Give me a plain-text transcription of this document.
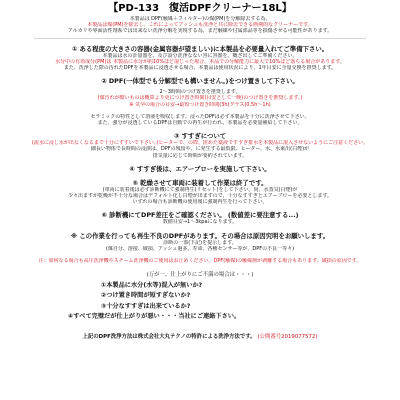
【PD-133　復活DPFクリーナー18L】
本製品は DPF(触媒＋フィルター)の煤(PM)を分解除去する為、
本製品は煤(PM)を除去し、これによってアッシュも洗浄と共に除去できる画期的なクリーナーです。
アルカリや界面活性剤系では出来ない洗浄分解を実現する為、まだ触媒や付属部品等を損傷させる可能性があります。
① ある程度の大きさの容器(金属容器が望ましい)に本製品を必要量入れてご準備下さい。
本製品は水の計量器を、及び設分洗浄なない容に容器を、概ざ出してご準備ください。
水分中の有効成分(PM)は 本製品に水分が約10%ほど混じった場合、本品での分解能力に最大で10%ほど落ちる場合があります。
また、洗浄した際の汚れたDPFを本製品に浸透させる場合、本製品は使用状況により、1年目安に全量交換を推奨します。
② DPF(一体型でも分解型でも構いません。)をつけ置きして下さい。
2～3時間のつけ置きを推奨します。
(煤汚れが酷いものは概算より更につけ置き時間(目安として一晩)のつけ置きを推奨します。)
※ 気孕の場合の目安→最短つけ置き時間(3h)グラス(0.5h～1h)
セラミックの特性として溶液を吸収します。浸ったDPFは必ず本製品を十分に洗浄させて下さい。
また、強分が浸透しているDPFは自動での再生が行われ、本製品を必要量補給して下さい。
③ すすぎについて
(流水に浸し水が出なくなるまで十分にすすいで下さい。)ヒーターで、の際、匿めた薬液ですすぎ排水を本製品に混入させないようにご注意ください。
細長い物体で長時間の浸漬は、DPFの残留や、に発生する最低限、ヒーター、水、水乗出(白煙)が
排気量に応じて時間が要約されています。
④ すすぎ後は、エアーブローを実施して下さい。
⑤ 乾燥させて車両に装着して作業は終了です。
(車両に装着後は必ず診断機にて強制再生(リセット)をして下さい。尚、水蒸気(白煙)が
少々出ますが乾燥が不十分な場合はデフォルト化し白煙が出ますので、十分なすすぎとエアーブローを必要とします。
いずれの場合も診断機の使用後に強制再生を行って下さい。
⑥ 診断機にてDPF差圧をご確認ください。 (数値差に要注意する...)
数値目安→1～3kpaになります。
※ この作業を行っても再生不良のDPFがあります。その場合は原因究明をお願いします。
診断の一部(下記)を提示します。
(煤自分、溶接、破損、アッシュ過多、寿命、各種センサー等が、DPFの不良一等々)
注：如何なる場合も高圧洗浄機やスチーム洗浄機のご使用はお止めください。DPF(触媒)の触媒層が剥離する場合もあります。破損の原因です。
(万が一、仕上がりにご不満の場合は・・・)
①本製品に水分(水等)混入が無いか?
②つけ置き時間が短すぎないか?
③十分なすすぎは出来ているか?
④すべて完璧だが仕上がりが悪い・・・当社にご連絡下さい。
上記のDPF洗浄方法は株式会社大丸テクノの特許による洗浄方法です。 (公開番号2019077572)
